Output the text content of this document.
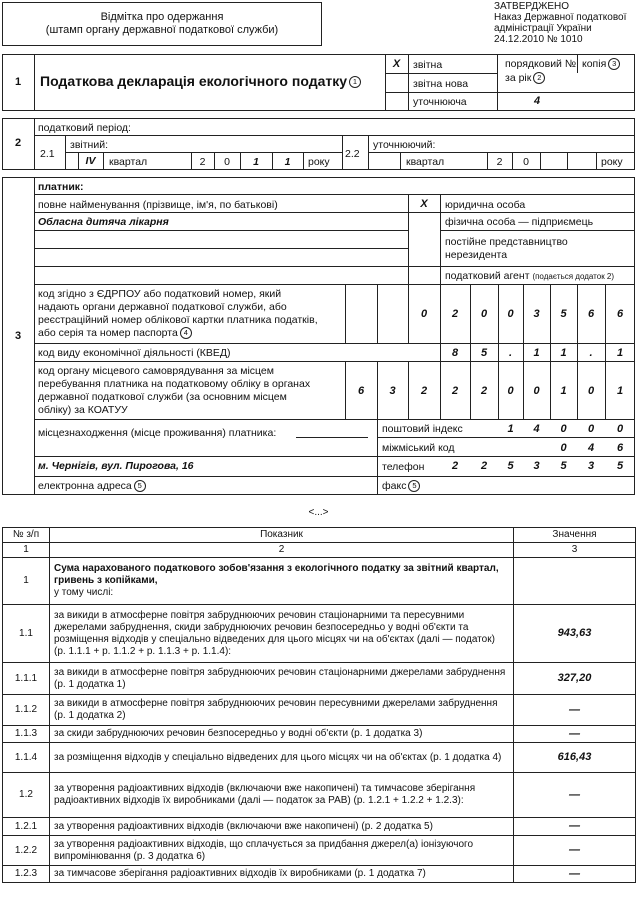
Відмітка про одержання
(штамп органу державної податкової служби)
ЗАТВЕРДЖЕНО
Наказ Державної податкової
адміністрації України
24.12.2010 № 1010
1	Податкова декларація екологічного податку 1
X	звітна
звітна нова
уточнююча
порядковий № за рік 2
копія 3
4
2
податковий період:
2.1
звітний:
IV	квартал	2	0	1	1	року
2.2
уточнюючий:
квартал	2	0	року
3
платник:
повне найменування (прізвище, ім'я, по батькові)
Обласна дитяча лікарня
X	юридична особа
фізична особа — підприємець
постійне представництво
нерезидента
податковий агент (подається додаток 2)
код згідно з ЄДРПОУ або податковий номер, який
надають органи державної податкової служби, або
реєстраційний номер облікової картки платника податків,
або серія та номер паспорта 4
0	2	0	0	3	5	6	6
код виду економічної діяльності (КВЕД)	8	5	.	1	1	.	1
код органу місцевого самоврядування за місцем
перебування платника на податковому обліку в органах
державної податкової служби (за основним місцем
обліку) за КОАТУУ
6	3	2	2	2	0	0	1	0	1
місцезнаходження (місце проживання) платника:	поштовий індекс	1	4	0	0	0
міжміський код	0	4	6
м. Чернігів, вул. Пирогова, 16	телефон	2	2	5	3	5	3	5
електронна адреса 5	факс 5
<...>
№ з/п	Показник	Значення
1	2	3
1	Сума нарахованого податкового зобов'язання з екологічного податку за звітний квартал, гривень з копійками,
у тому числі:	
1.1	за викиди в атмосферне повітря забруднюючих речовин стаціонарними та пересувними джерелами забруднення, скиди забруднюючих речовин безпосередньо у водні об'єкти та розміщення відходів у спеціально відведених для цього місцях чи на об'єктах (далі — податок) (р. 1.1.1 + р. 1.1.2 + р. 1.1.3 + р. 1.1.4):	943,63
1.1.1	за викиди в атмосферне повітря забруднюючих речовин стаціонарними джерелами забруднення (р. 1 додатка 1)	327,20
1.1.2	за викиди в атмосферне повітря забруднюючих речовин пересувними джерелами забруднення (р. 1 додатка 2)	—
1.1.3	за скиди забруднюючих речовин безпосередньо у водні об'єкти (р. 1 додатка 3)	—
1.1.4	за розміщення відходів у спеціально відведених для цього місцях чи на об'єктах (р. 1 додатка 4)	616,43
1.2	за утворення радіоактивних відходів (включаючи вже накопичені) та тимчасове зберігання радіоактивних відходів їх виробниками (далі — податок за РАВ) (р. 1.2.1 + 1.2.2 + 1.2.3):	—
1.2.1	за утворення радіоактивних відходів (включаючи вже накопичені) (р. 2 додатка 5)	—
1.2.2	за утворення радіоактивних відходів, що сплачується за придбання джерел(а) іонізуючого випромінювання (р. 3 додатка 6)	—
1.2.3	за тимчасове зберігання радіоактивних відходів їх виробниками (р. 1 додатка 7)	—
